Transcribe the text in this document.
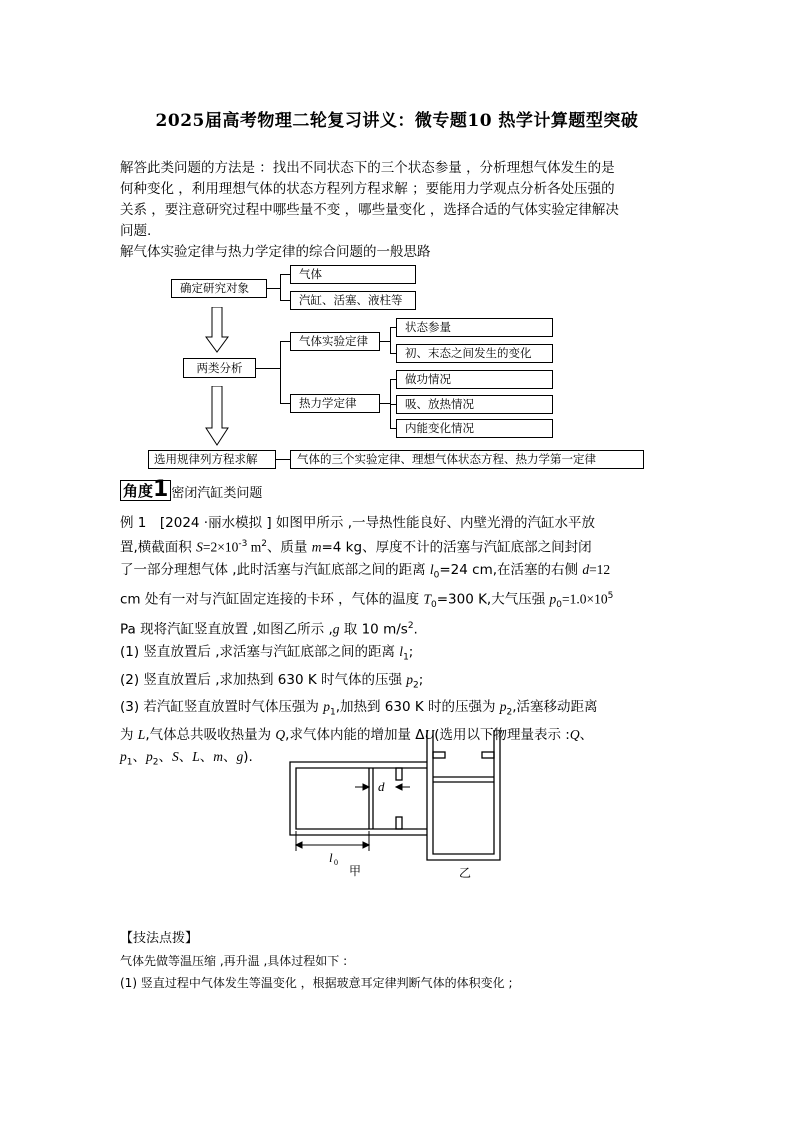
2025届高考物理二轮复习讲义：微专题10 热学计算题型突破
解答此类问题的方法是 ：找出不同状态下的三个状态参量 ，分析理想气体发生的是
何种变化 ，利用理想气体的状态方程列方程求解 ；要能用力学观点分析各处压强的
关系 ，要注意研究过程中哪些量不变 ，哪些量变化 ，选择合适的气体实验定律解决
问题.
解气体实验定律与热力学定律的综合问题的一般思路
确定研究对象
气体
汽缸、活塞、液柱等
两类分析
气体实验定律
状态参量
初、末态之间发生的变化
热力学定律
做功情况
吸、放热情况
内能变化情况
选用规律列方程求解	气体的三个实验定律、理想气体状态方程、热力学第一定律
角度1 密闭汽缸类问题
例 1　[2024 ·丽水模拟 ] 如图甲所示 ,一导热性能良好、内壁光滑的汽缸水平放
置,横截面积 $S=2\times 10^{-3}$ $m^2$、质量 m=4 kg、厚度不计的活塞与汽缸底部之间封闭
了一部分理想气体 ,此时活塞与汽缸底部之间的距离 $l_0=24$ cm,在活塞的右侧 d=12
cm 处有一对与汽缸固定连接的卡环 ，气体的温度 $T_0=300$ K,大气压强 $p_0=1.0\times 10^5$
Pa 现将汽缸竖直放置 ,如图乙所示 ,g 取 10 $m/s^2$.
(1) 竖直放置后 ,求活塞与汽缸底部之间的距离 $l_1$;
(2) 竖直放置后 ,求加热到 630 K 时气体的压强 $p_2$;
(3) 若汽缸竖直放置时气体压强为 $p_1$,加热到 630 K 时的压强为 $p_2$,活塞移动距离
为 L,气体总共吸收热量为 Q,求气体内能的增加量 ΔU(选用以下物理量表示 :Q、
$p_1$、$p_2$、S、L、m、g).
d
l 0
甲	乙
【技法点拨】
气体先做等温压缩 ,再升温 ,具体过程如下 :
(1) 竖直过程中气体发生等温变化 ，根据玻意耳定律判断气体的体积变化 ;
